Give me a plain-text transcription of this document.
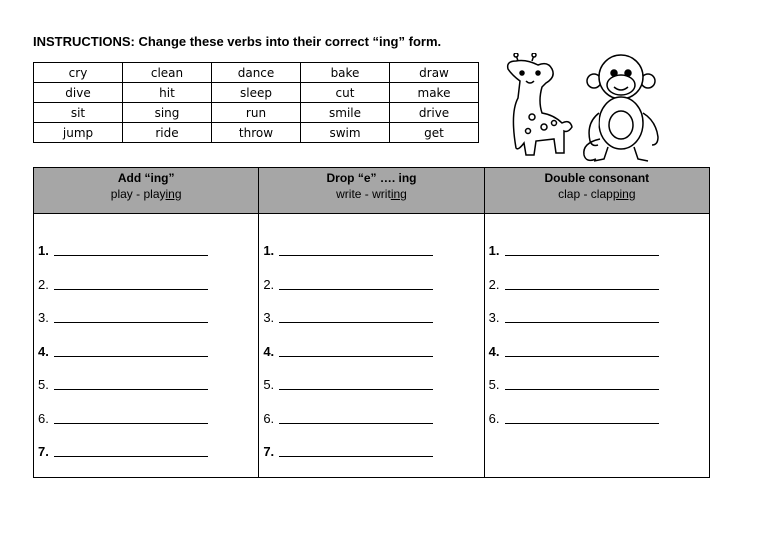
INSTRUCTIONS: Change these verbs into their correct “ing” form.
cry	clean	dance	bake	draw
dive	hit	sleep	cut	make
sit	sing	run	smile	drive
jump	ride	throw	swim	get
Add “ing”
play - playing
1.
2.
3.
4.
5.
6.
7.
Drop “e” …. ing
write - writing
1.
2.
3.
4.
5.
6.
7.
Double consonant
clap - clapping
1.
2.
3.
4.
5.
6.
